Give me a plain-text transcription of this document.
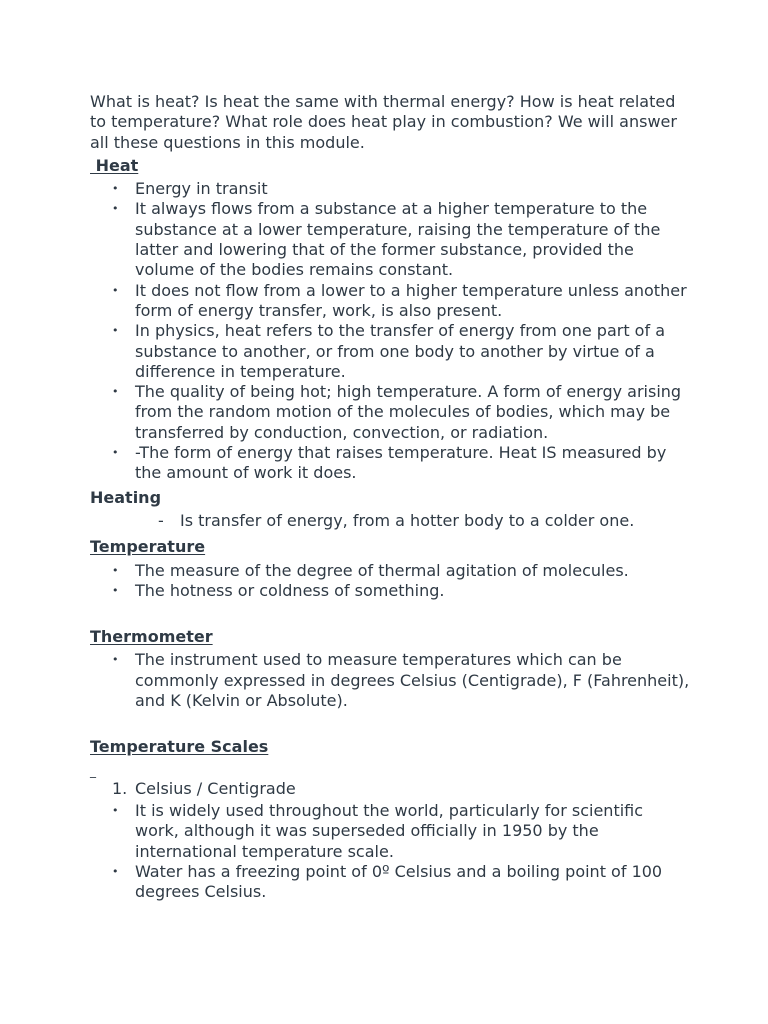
What is heat? Is heat the same with thermal energy? How is heat related to temperature? What role does heat play in combustion? We will answer all these questions in this module.

Heat
• Energy in transit
• It always flows from a substance at a higher temperature to the substance at a lower temperature, raising the temperature of the latter and lowering that of the former substance, provided the volume of the bodies remains constant.
• It does not flow from a lower to a higher temperature unless another form of energy transfer, work, is also present.
• In physics, heat refers to the transfer of energy from one part of a substance to another, or from one body to another by virtue of a difference in temperature.
• The quality of being hot; high temperature. A form of energy arising from the random motion of the molecules of bodies, which may be transferred by conduction, convection, or radiation.
• -The form of energy that raises temperature. Heat IS measured by the amount of work it does.
Heating
- Is transfer of energy, from a hotter body to a colder one.
Temperature
• The measure of the degree of thermal agitation of molecules.
• The hotness or coldness of something.
Thermometer
• The instrument used to measure temperatures which can be commonly expressed in degrees Celsius (Centigrade), F (Fahrenheit), and K (Kelvin or Absolute).
Temperature Scales
_
1. Celsius / Centigrade
• It is widely used throughout the world, particularly for scientific work, although it was superseded officially in 1950 by the international temperature scale.
• Water has a freezing point of 0º Celsius and a boiling point of 100 degrees Celsius.
